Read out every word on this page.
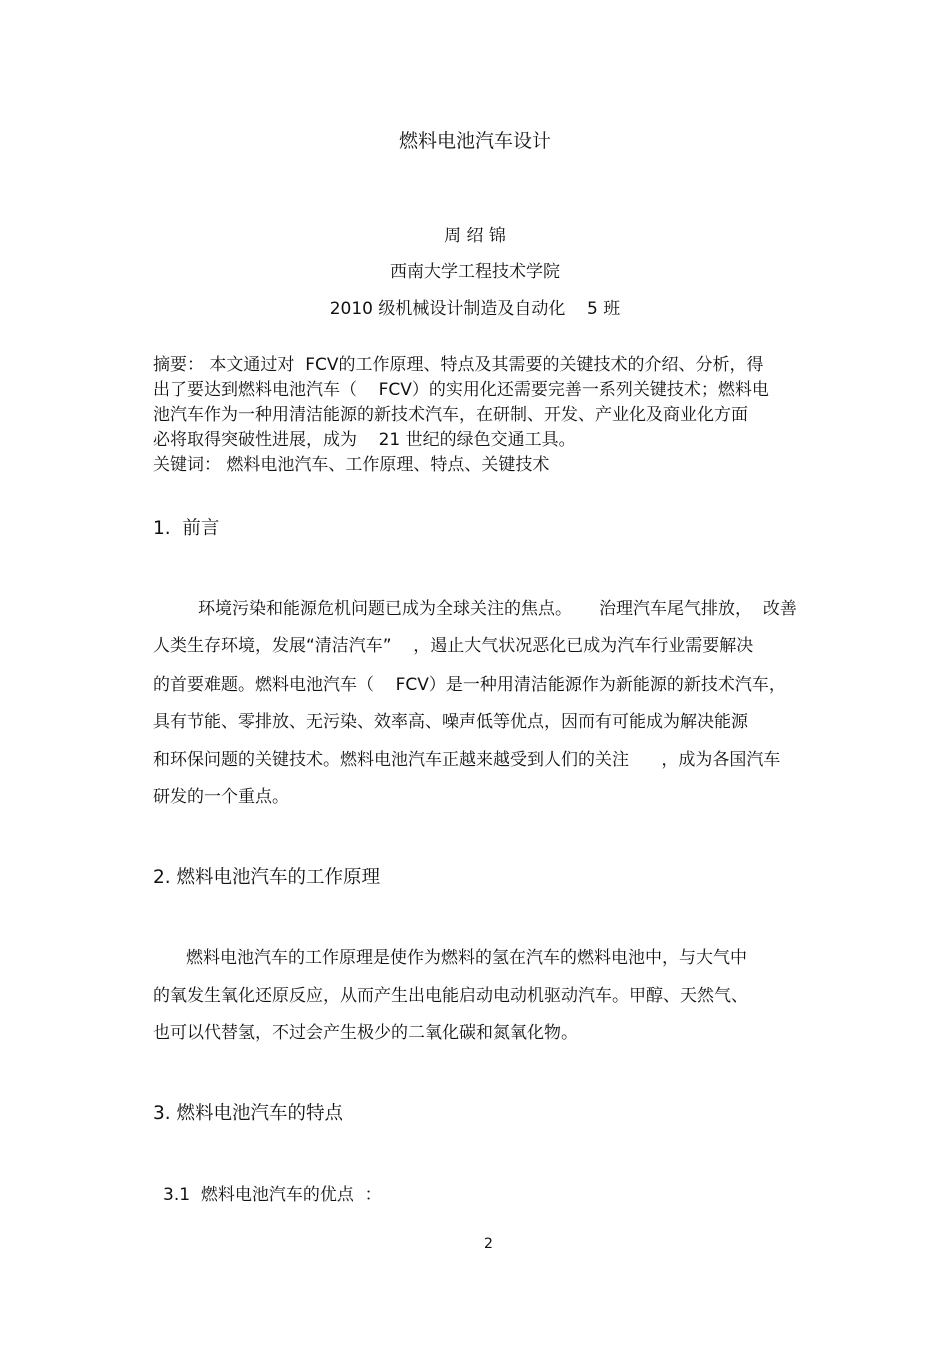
燃料电池汽车设计
周 绍 锦
西南大学工程技术学院
2010 级机械设计制造及自动化    5 班
摘要： 本文通过对  FCV的工作原理、特点及其需要的关键技术的介绍、分析，得
出了要达到燃料电池汽车（    FCV）的实用化还需要完善一系列关键技术；燃料电
池汽车作为一种用清洁能源的新技术汽车，在研制、开发、产业化及商业化方面
必将取得突破性进展，成为    21 世纪的绿色交通工具。
关键词： 燃料电池汽车、工作原理、特点、关键技术
1.  前言
环境污染和能源危机问题已成为全球关注的焦点。     治理汽车尾气排放，  改善
人类生存环境，发展“清洁汽车”    ，遏止大气状况恶化已成为汽车行业需要解决
的首要难题。燃料电池汽车（    FCV）是一种用清洁能源作为新能源的新技术汽车，
具有节能、零排放、无污染、效率高、噪声低等优点，因而有可能成为解决能源
和环保问题的关键技术。燃料电池汽车正越来越受到人们的关注      ，成为各国汽车
研发的一个重点。
2. 燃料电池汽车的工作原理
燃料电池汽车的工作原理是使作为燃料的氢在汽车的燃料电池中，与大气中
的氧发生氧化还原反应，从而产生出电能启动电动机驱动汽车。甲醇、天然气、
也可以代替氢，不过会产生极少的二氧化碳和氮氧化物。
3. 燃料电池汽车的特点
3.1  燃料电池汽车的优点  ：
2
